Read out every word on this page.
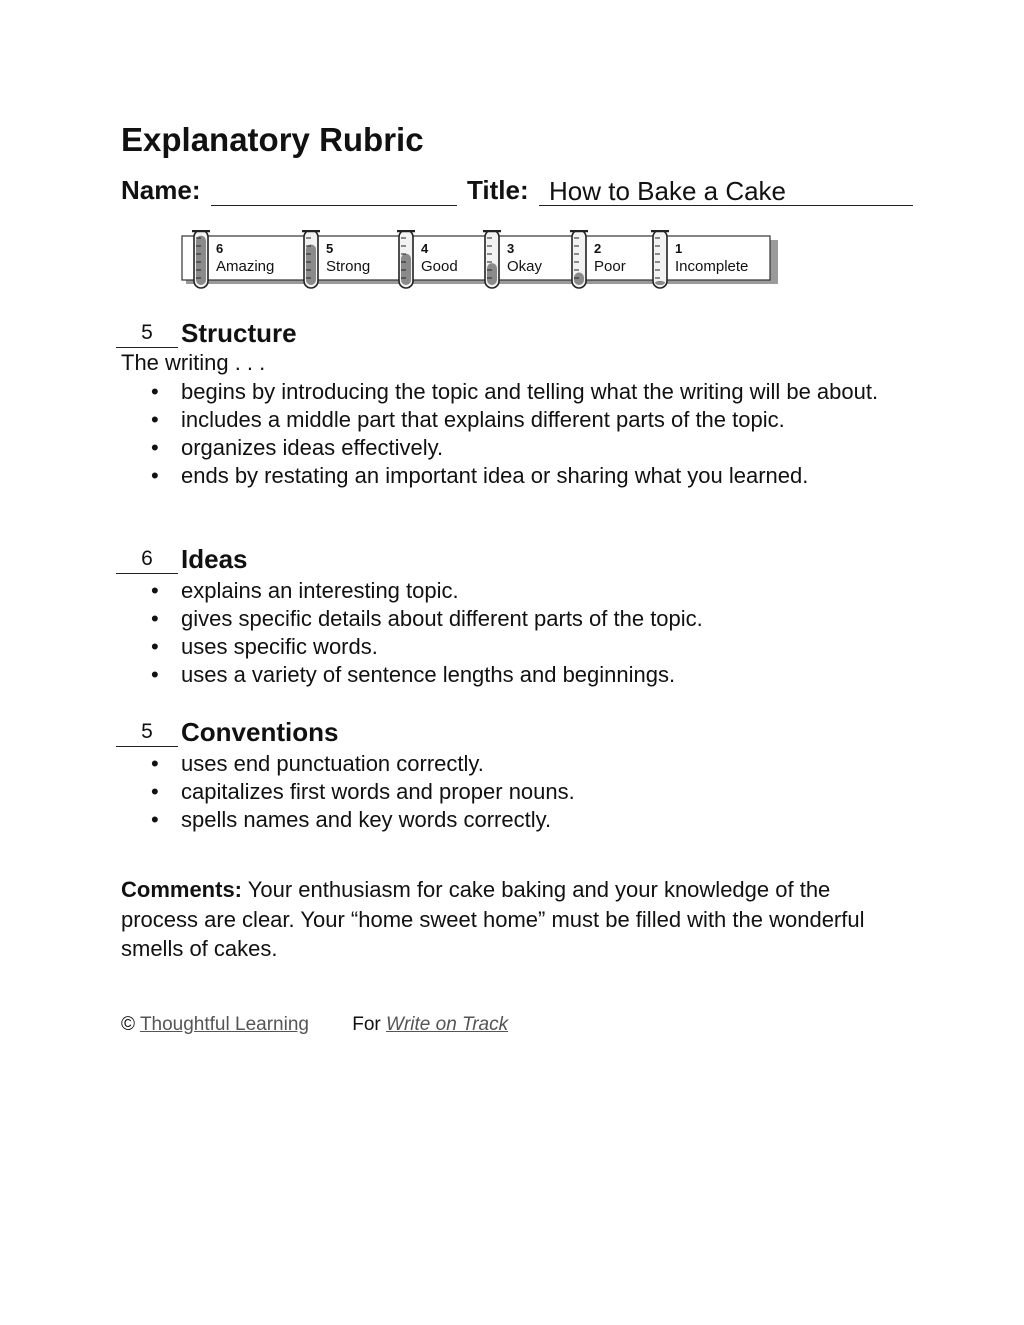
Explanatory Rubric
Name:	Title: How to Bake a Cake
6
Amazing
5
Strong
4
Good
3
Okay
2
Poor
1
Incomplete
5	Structure
The writing . . .
• begins by introducing the topic and telling what the writing will be about.
• includes a middle part that explains different parts of the topic.
• organizes ideas effectively.
• ends by restating an important idea or sharing what you learned.
6	Ideas
• explains an interesting topic.
• gives specific details about different parts of the topic.
• uses specific words.
• uses a variety of sentence lengths and beginnings.
5	Conventions
• uses end punctuation correctly.
• capitalizes first words and proper nouns.
• spells names and key words correctly.

Comments: Your enthusiasm for cake baking and your knowledge of the process are clear. Your “home sweet home” must be filled with the wonderful smells of cakes.

© Thoughtful Learning For Write on Track
